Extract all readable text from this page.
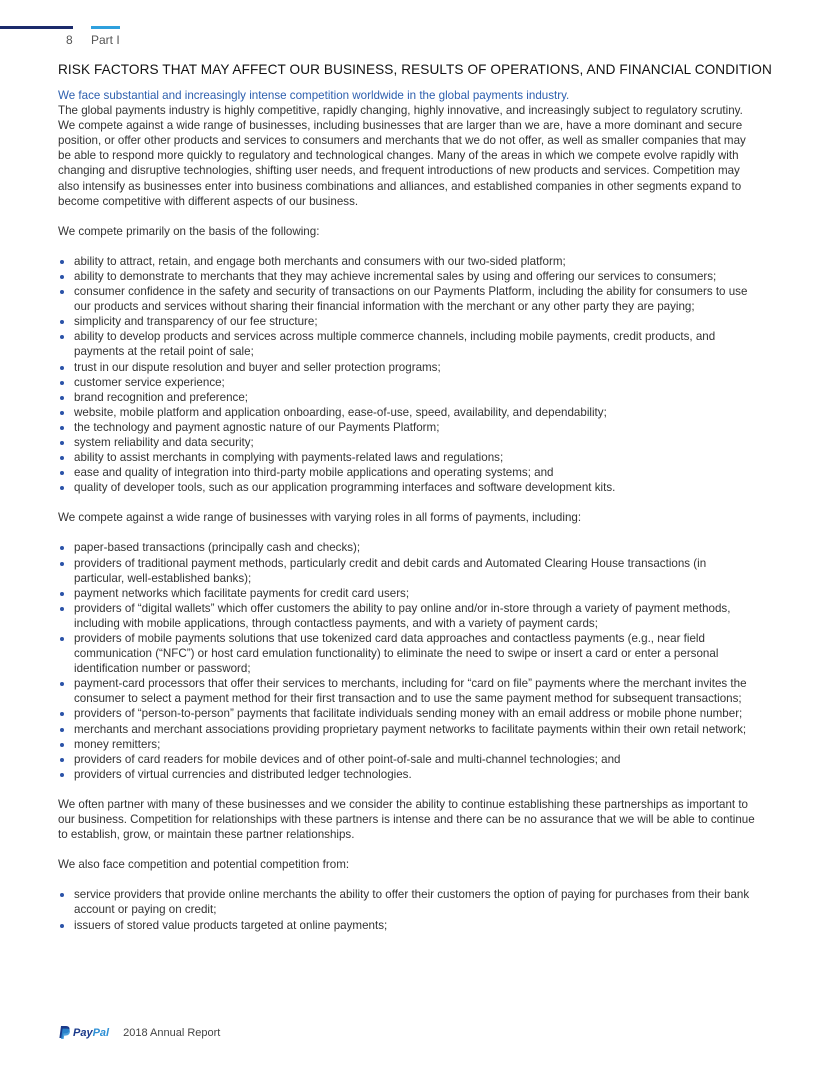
8 Part I
RISK FACTORS THAT MAY AFFECT OUR BUSINESS, RESULTS OF OPERATIONS, AND FINANCIAL CONDITION

We face substantial and increasingly intense competition worldwide in the global payments industry.

The global payments industry is highly competitive, rapidly changing, highly innovative, and increasingly subject to regulatory scrutiny. We compete against a wide range of businesses, including businesses that are larger than we are, have a more dominant and secure position, or offer other products and services to consumers and merchants that we do not offer, as well as smaller companies that may be able to respond more quickly to regulatory and technological changes. Many of the areas in which we compete evolve rapidly with changing and disruptive technologies, shifting user needs, and frequent introductions of new products and services. Competition may also intensify as businesses enter into business combinations and alliances, and established companies in other segments expand to become competitive with different aspects of our business.

We compete primarily on the basis of the following:

ability to attract, retain, and engage both merchants and consumers with our two-sided platform;
ability to demonstrate to merchants that they may achieve incremental sales by using and offering our services to consumers;
consumer confidence in the safety and security of transactions on our Payments Platform, including the ability for consumers to use our products and services without sharing their financial information with the merchant or any other party they are paying;
simplicity and transparency of our fee structure;
ability to develop products and services across multiple commerce channels, including mobile payments, credit products, and payments at the retail point of sale;
trust in our dispute resolution and buyer and seller protection programs;
customer service experience;
brand recognition and preference;
website, mobile platform and application onboarding, ease-of-use, speed, availability, and dependability;
the technology and payment agnostic nature of our Payments Platform;
system reliability and data security;
ability to assist merchants in complying with payments-related laws and regulations;
ease and quality of integration into third-party mobile applications and operating systems; and
quality of developer tools, such as our application programming interfaces and software development kits.

We compete against a wide range of businesses with varying roles in all forms of payments, including:

paper-based transactions (principally cash and checks);
providers of traditional payment methods, particularly credit and debit cards and Automated Clearing House transactions (in particular, well-established banks);
payment networks which facilitate payments for credit card users;
providers of “digital wallets” which offer customers the ability to pay online and/or in-store through a variety of payment methods, including with mobile applications, through contactless payments, and with a variety of payment cards;
providers of mobile payments solutions that use tokenized card data approaches and contactless payments (e.g., near field communication (“NFC”) or host card emulation functionality) to eliminate the need to swipe or insert a card or enter a personal identification number or password;
payment-card processors that offer their services to merchants, including for “card on file” payments where the merchant invites the consumer to select a payment method for their first transaction and to use the same payment method for subsequent transactions;
providers of “person-to-person” payments that facilitate individuals sending money with an email address or mobile phone number;
merchants and merchant associations providing proprietary payment networks to facilitate payments within their own retail network;
money remitters;
providers of card readers for mobile devices and of other point-of-sale and multi-channel technologies; and
providers of virtual currencies and distributed ledger technologies.

We often partner with many of these businesses and we consider the ability to continue establishing these partnerships as important to our business. Competition for relationships with these partners is intense and there can be no assurance that we will be able to continue to establish, grow, or maintain these partner relationships.

We also face competition and potential competition from:

service providers that provide online merchants the ability to offer their customers the option of paying for purchases from their bank account or paying on credit;
issuers of stored value products targeted at online payments;
PayPal 2018 Annual Report
